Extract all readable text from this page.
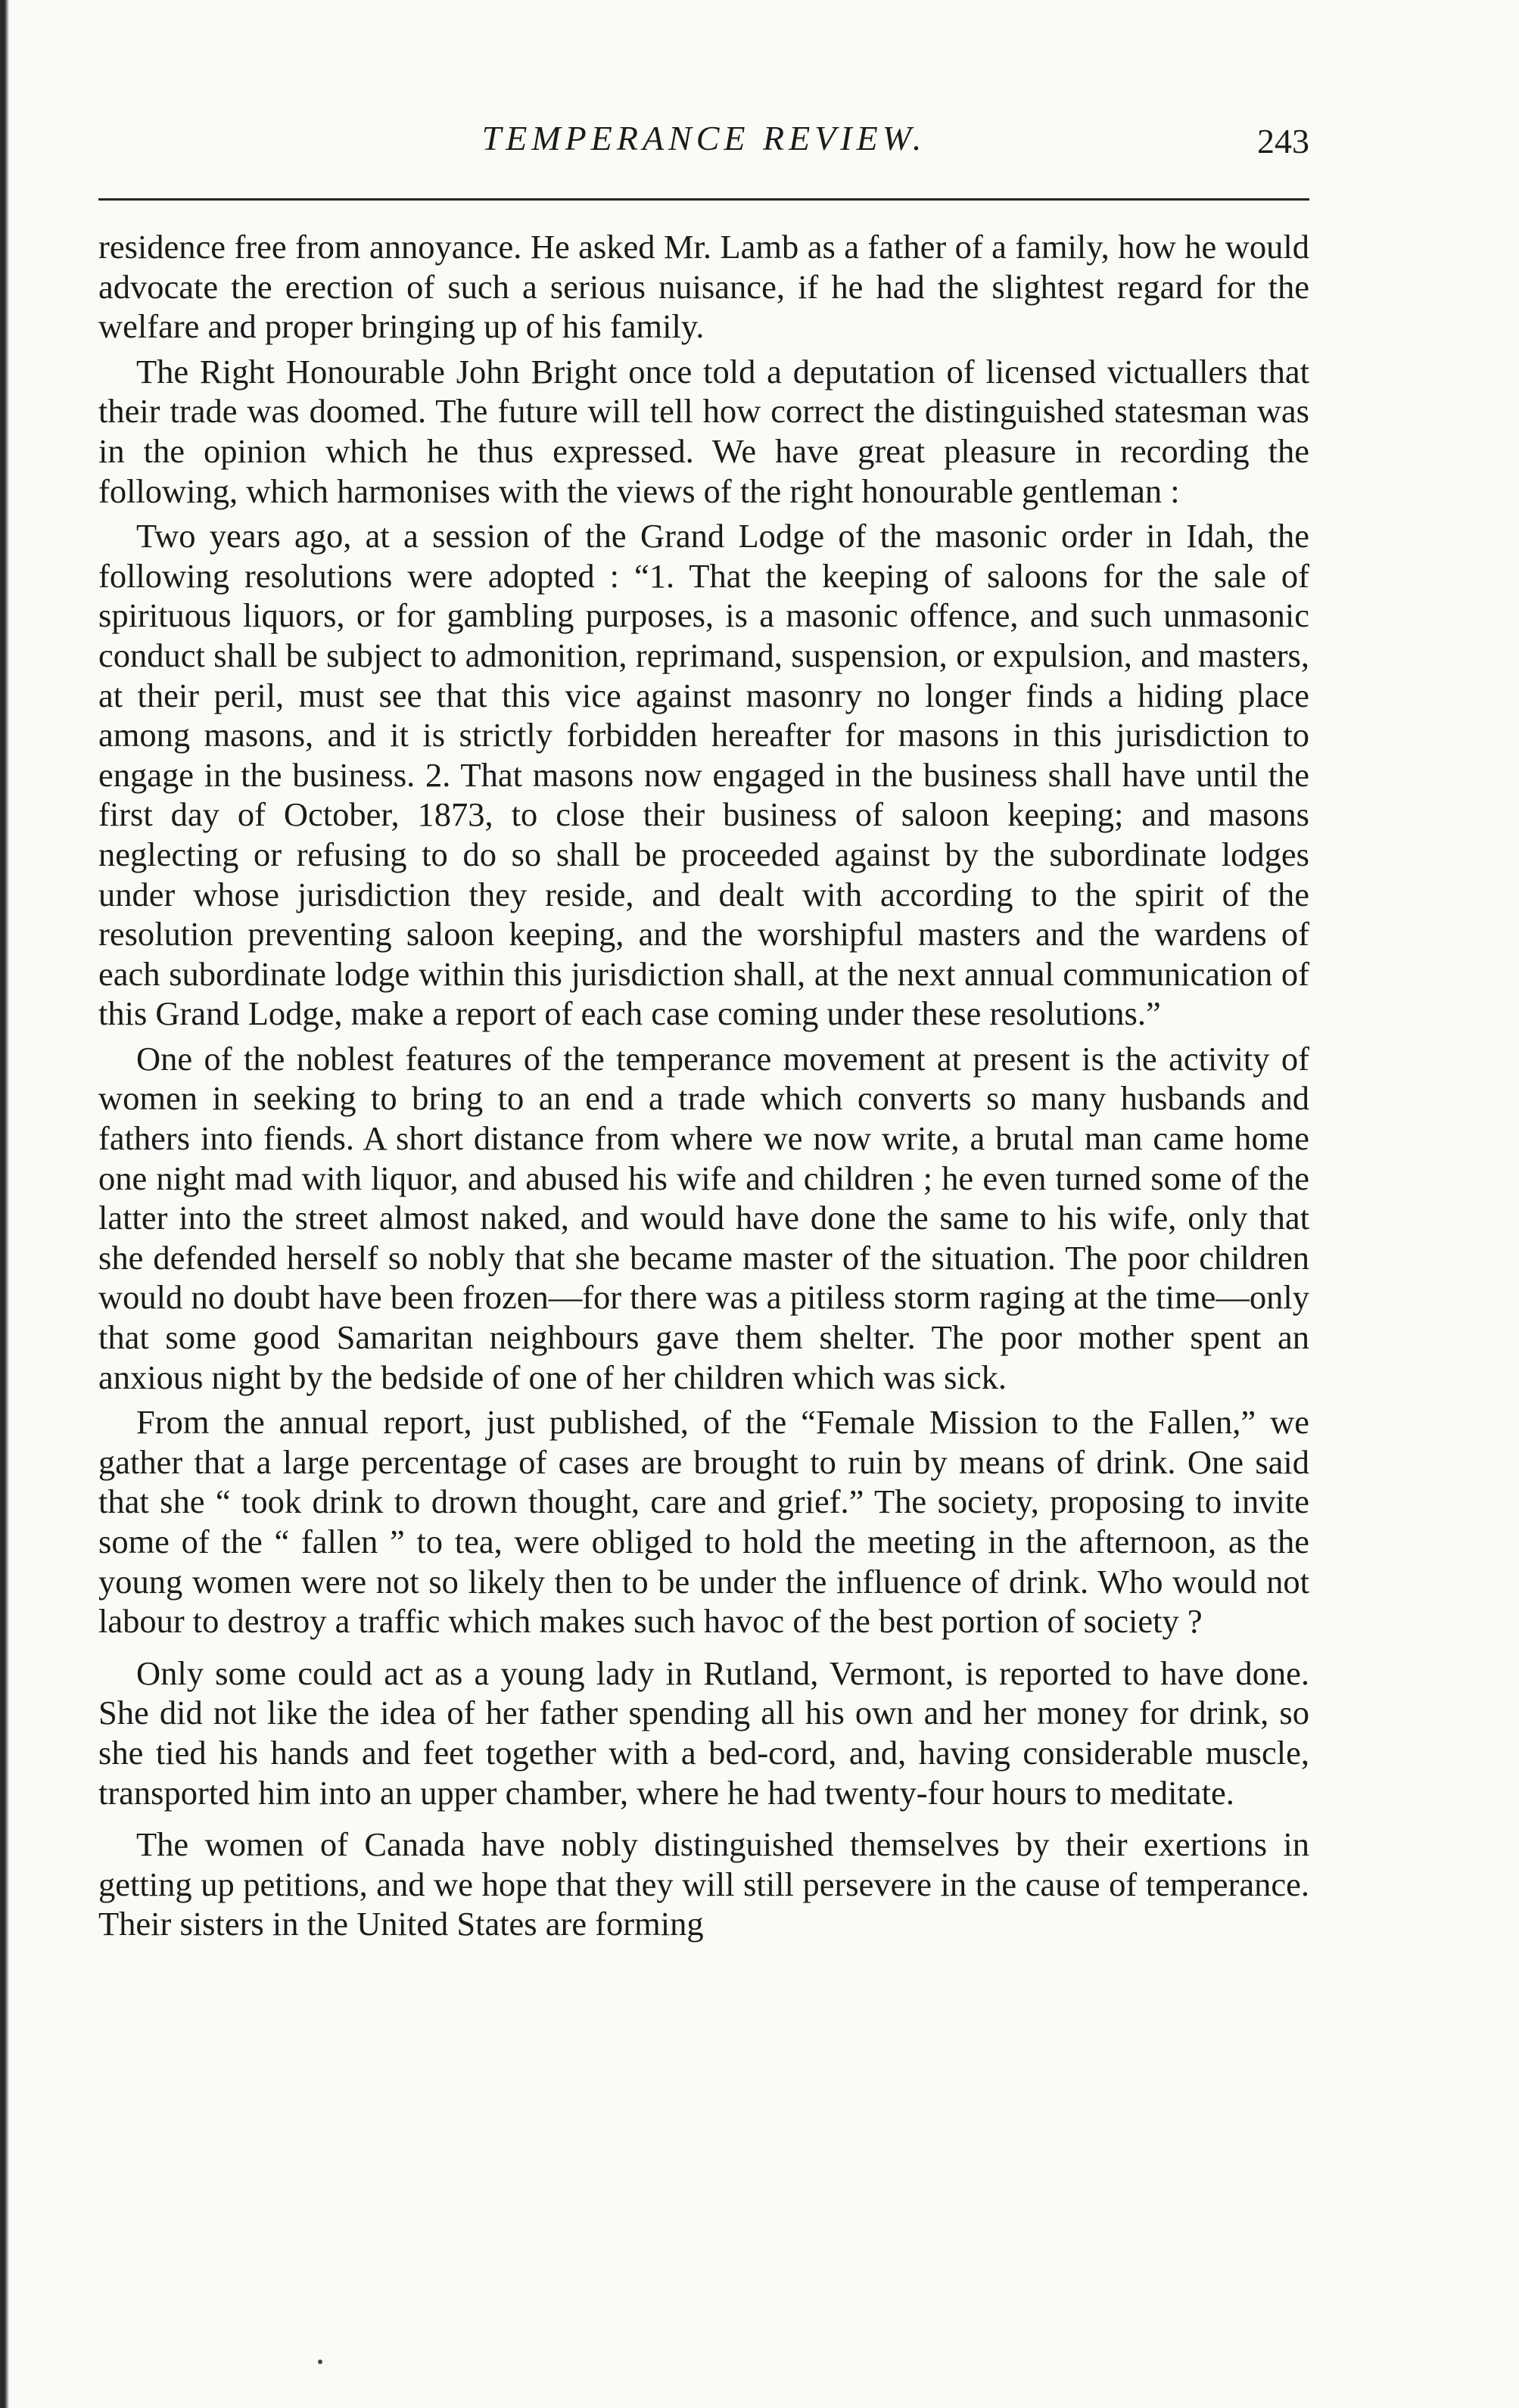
TEMPERANCE REVIEW.	243

residence free from annoyance. He asked Mr. Lamb as a father of a family, how he would advocate the erection of such a serious nuisance, if he had the slightest regard for the welfare and proper bringing up of his family.

The Right Honourable John Bright once told a deputation of licensed victuallers that their trade was doomed. The future will tell how correct the distinguished statesman was in the opinion which he thus expressed. We have great pleasure in recording the following, which harmonises with the views of the right honourable gentleman :

Two years ago, at a session of the Grand Lodge of the masonic order in Idah, the following resolutions were adopted : “1. That the keeping of saloons for the sale of spirituous liquors, or for gambling purposes, is a masonic offence, and such unmasonic conduct shall be subject to admonition, reprimand, suspension, or expulsion, and masters, at their peril, must see that this vice against masonry no longer finds a hiding place among masons, and it is strictly forbidden hereafter for masons in this jurisdiction to engage in the business. 2. That masons now engaged in the business shall have until the first day of October, 1873, to close their business of saloon keeping; and masons neglecting or refusing to do so shall be proceeded against by the subordinate lodges under whose jurisdiction they reside, and dealt with according to the spirit of the resolution preventing saloon keeping, and the worshipful masters and the wardens of each subordinate lodge within this jurisdiction shall, at the next annual communication of this Grand Lodge, make a report of each case coming under these resolutions.”

One of the noblest features of the temperance movement at present is the activity of women in seeking to bring to an end a trade which converts so many husbands and fathers into fiends. A short distance from where we now write, a brutal man came home one night mad with liquor, and abused his wife and children ; he even turned some of the latter into the street almost naked, and would have done the same to his wife, only that she defended herself so nobly that she became master of the situation. The poor children would no doubt have been frozen—for there was a pitiless storm raging at the time—only that some good Samaritan neighbours gave them shelter. The poor mother spent an anxious night by the bedside of one of her children which was sick.

From the annual report, just published, of the “Female Mission to the Fallen,” we gather that a large percentage of cases are brought to ruin by means of drink. One said that she “ took drink to drown thought, care and grief.” The society, proposing to invite some of the “ fallen ” to tea, were obliged to hold the meeting in the afternoon, as the young women were not so likely then to be under the influence of drink. Who would not labour to destroy a traffic which makes such havoc of the best portion of society ?

Only some could act as a young lady in Rutland, Vermont, is reported to have done. She did not like the idea of her father spending all his own and her money for drink, so she tied his hands and feet together with a bed-cord, and, having considerable muscle, transported him into an upper chamber, where he had twenty-four hours to meditate.

The women of Canada have nobly distinguished themselves by their exertions in getting up petitions, and we hope that they will still persevere in the cause of temperance. Their sisters in the United States are forming
